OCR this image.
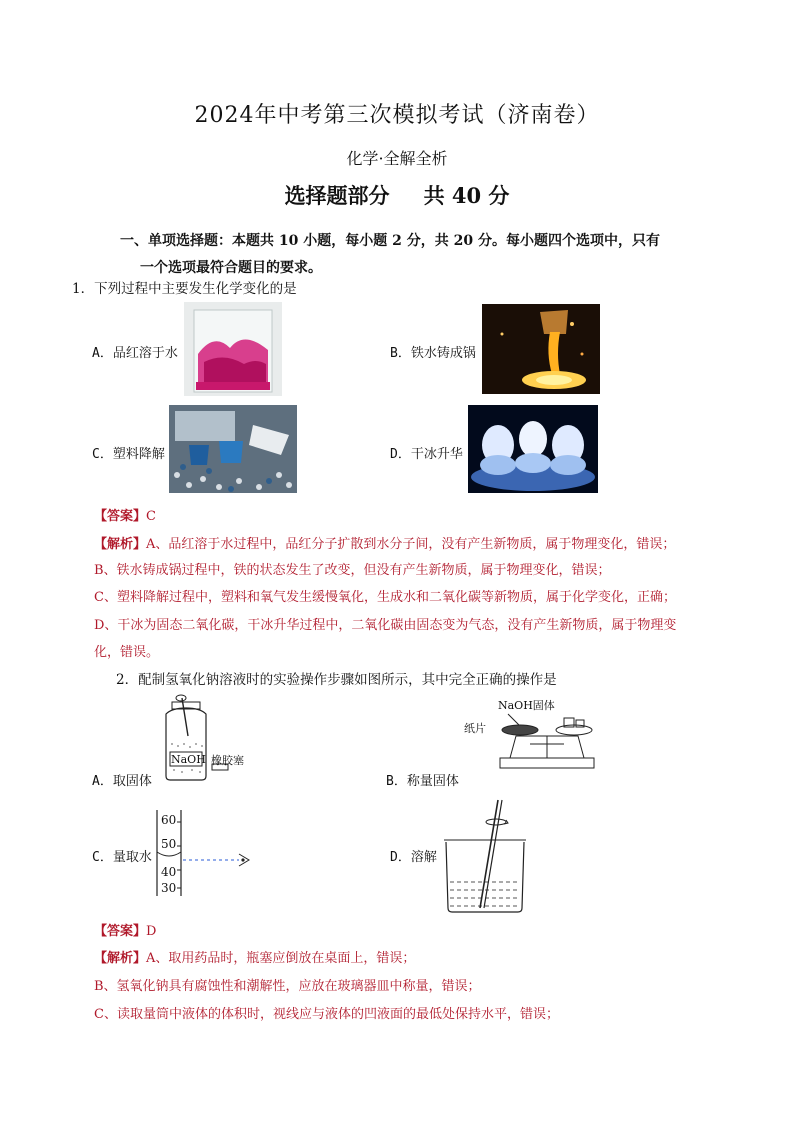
2024年中考第三次模拟考试（济南卷）
化学·全解全析
选择题部分 共 40 分
一、单项选择题：本题共 10 小题，每小题 2 分，共 20 分。每小题四个选项中，只有
一个选项最符合题目的要求。
1．下列过程中主要发生化学变化的是
A．品红溶于水	B．铁水铸成锅
C．塑料降解	D．干冰升华
【答案】C
【解析】A、品红溶于水过程中，品红分子扩散到水分子间，没有产生新物质，属于物理变化，错误；
B、铁水铸成锅过程中，铁的状态发生了改变，但没有产生新物质，属于物理变化，错误；
C、塑料降解过程中，塑料和氧气发生缓慢氧化，生成水和二氧化碳等新物质，属于化学变化，正确；
D、干冰为固态二氧化碳，干冰升华过程中，二氧化碳由固态变为气态，没有产生新物质，属于物理变
化，错误。
2．配制氢氧化钠溶液时的实验操作步骤如图所示，其中完全正确的操作是
NaOH 橡胶塞
A．取固体
NaOH固体
纸片
B．称量固体
60
50
40
30
C．量取水	D．溶解
【答案】D
【解析】A、取用药品时，瓶塞应倒放在桌面上，错误；
B、氢氧化钠具有腐蚀性和潮解性，应放在玻璃器皿中称量，错误；
C、读取量筒中液体的体积时，视线应与液体的凹液面的最低处保持水平，错误；
